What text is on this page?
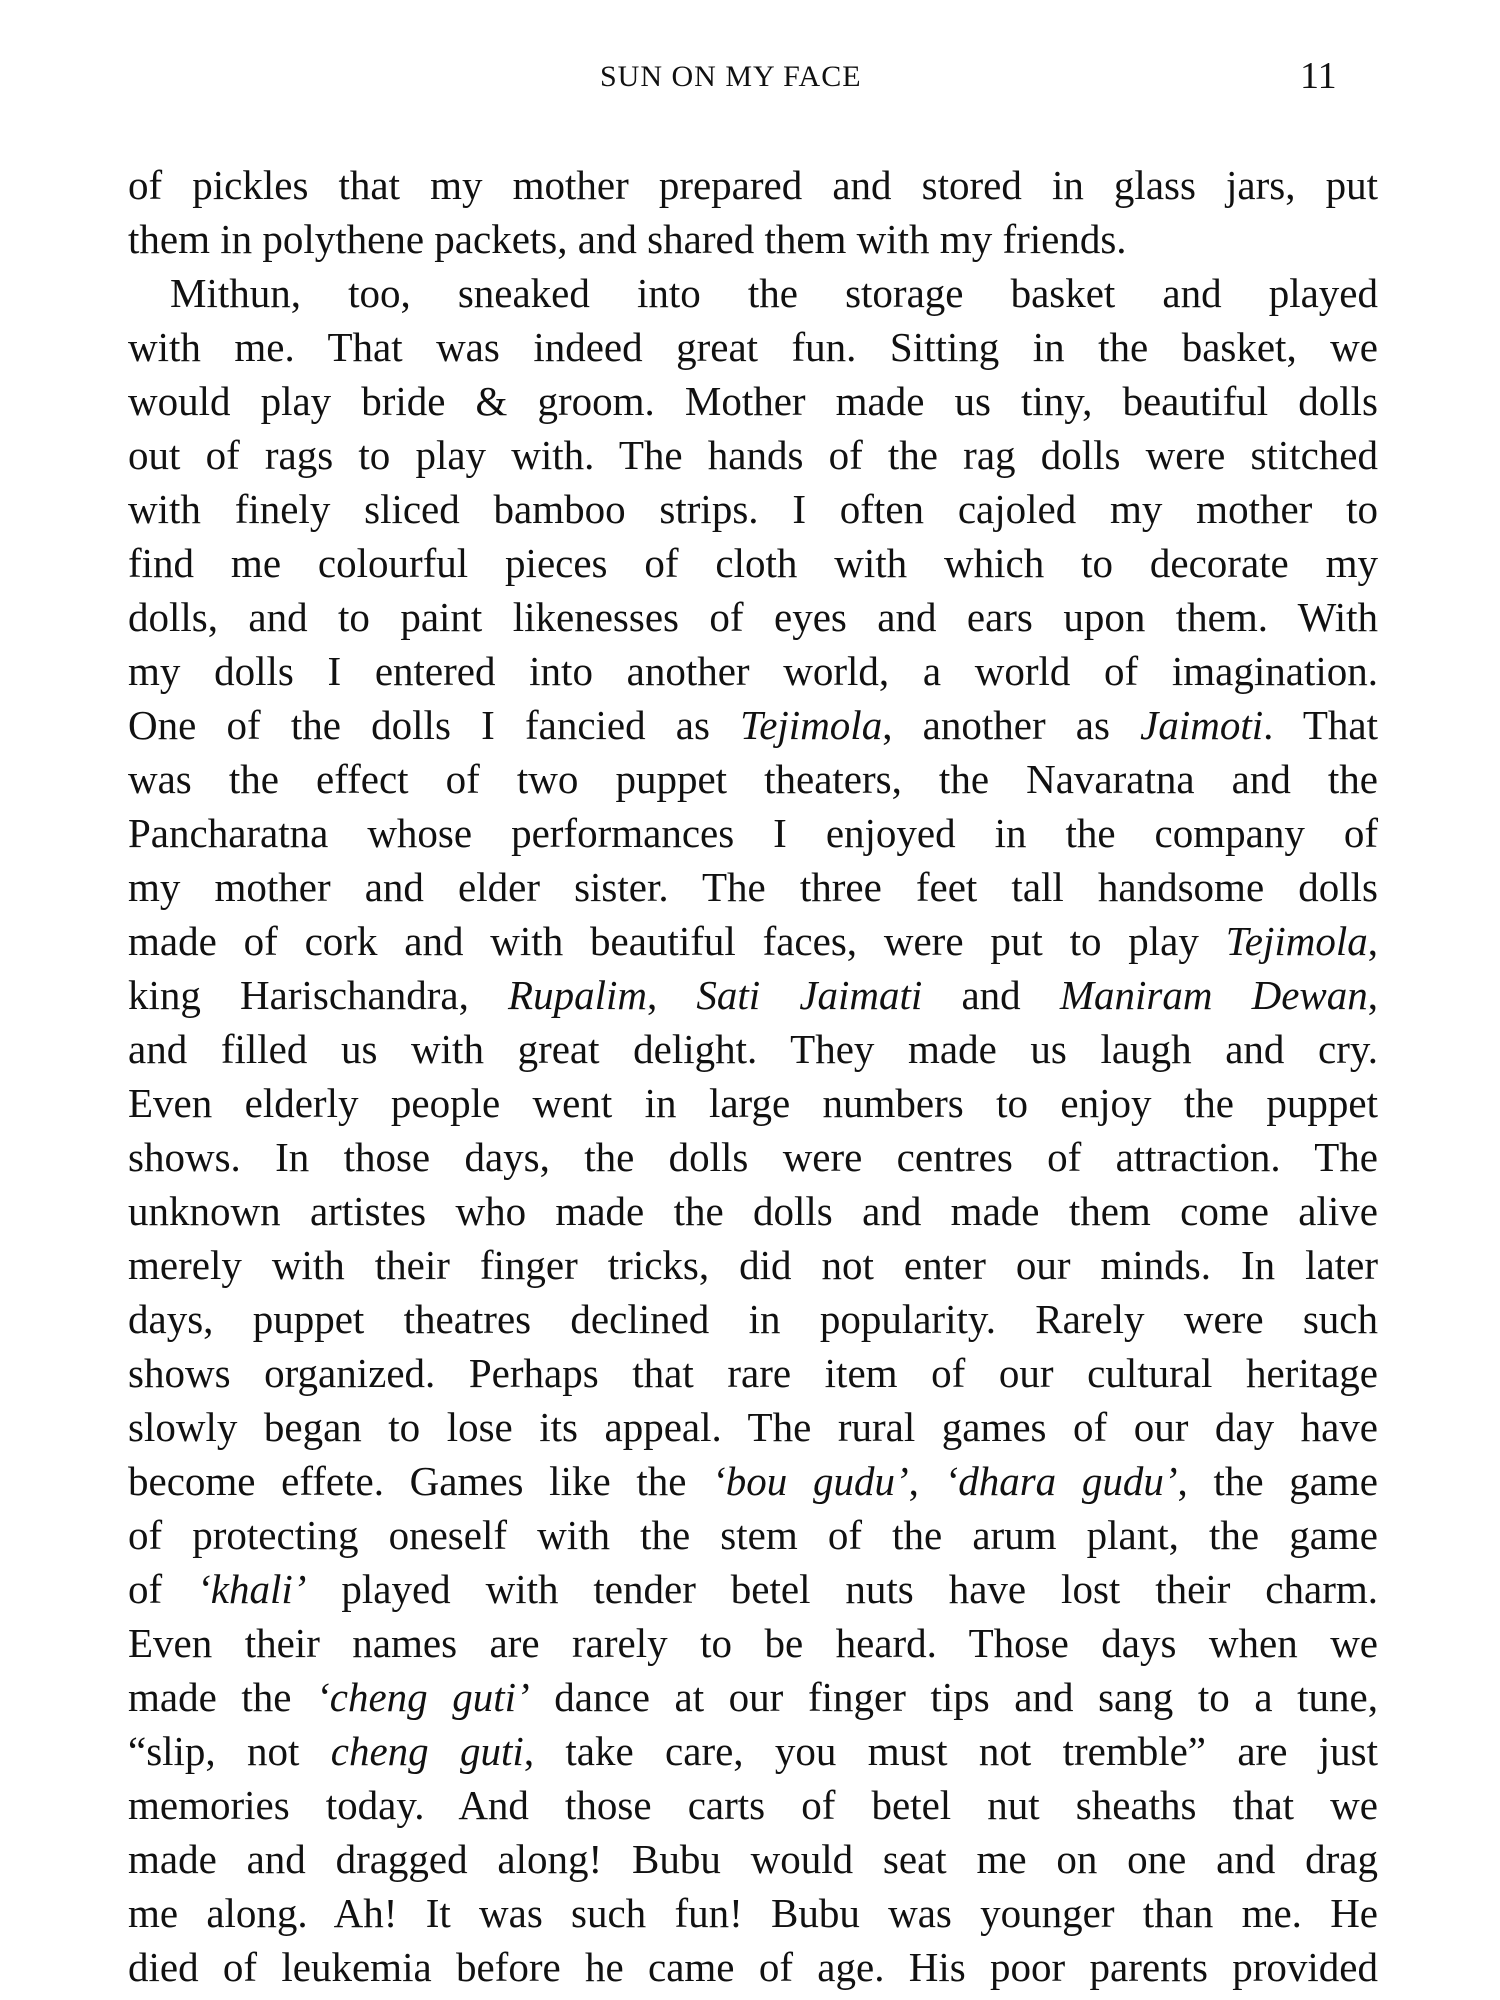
SUN ON MY FACE	11
of pickles that my mother prepared and stored in glass jars, put
them in polythene packets, and shared them with my friends.
Mithun, too, sneaked into the storage basket and played
with me. That was indeed great fun. Sitting in the basket, we
would play bride & groom. Mother made us tiny, beautiful dolls
out of rags to play with. The hands of the rag dolls were stitched
with finely sliced bamboo strips. I often cajoled my mother to
find me colourful pieces of cloth with which to decorate my
dolls, and to paint likenesses of eyes and ears upon them. With
my dolls I entered into another world, a world of imagination.
One of the dolls I fancied as Tejimola, another as Jaimoti. That
was the effect of two puppet theaters, the Navaratna and the
Pancharatna whose performances I enjoyed in the company of
my mother and elder sister. The three feet tall handsome dolls
made of cork and with beautiful faces, were put to play Tejimola,
king Harischandra, Rupalim, Sati Jaimati and Maniram Dewan,
and filled us with great delight. They made us laugh and cry.
Even elderly people went in large numbers to enjoy the puppet
shows. In those days, the dolls were centres of attraction. The
unknown artistes who made the dolls and made them come alive
merely with their finger tricks, did not enter our minds. In later
days, puppet theatres declined in popularity. Rarely were such
shows organized. Perhaps that rare item of our cultural heritage
slowly began to lose its appeal. The rural games of our day have
become effete. Games like the ‘bou gudu’, ‘dhara gudu’, the game
of protecting oneself with the stem of the arum plant, the game
of ‘khali’ played with tender betel nuts have lost their charm.
Even their names are rarely to be heard. Those days when we
made the ‘cheng guti’ dance at our finger tips and sang to a tune,
“slip, not cheng guti, take care, you must not tremble” are just
memories today. And those carts of betel nut sheaths that we
made and dragged along! Bubu would seat me on one and drag
me along. Ah! It was such fun! Bubu was younger than me. He
died of leukemia before he came of age. His poor parents provided
